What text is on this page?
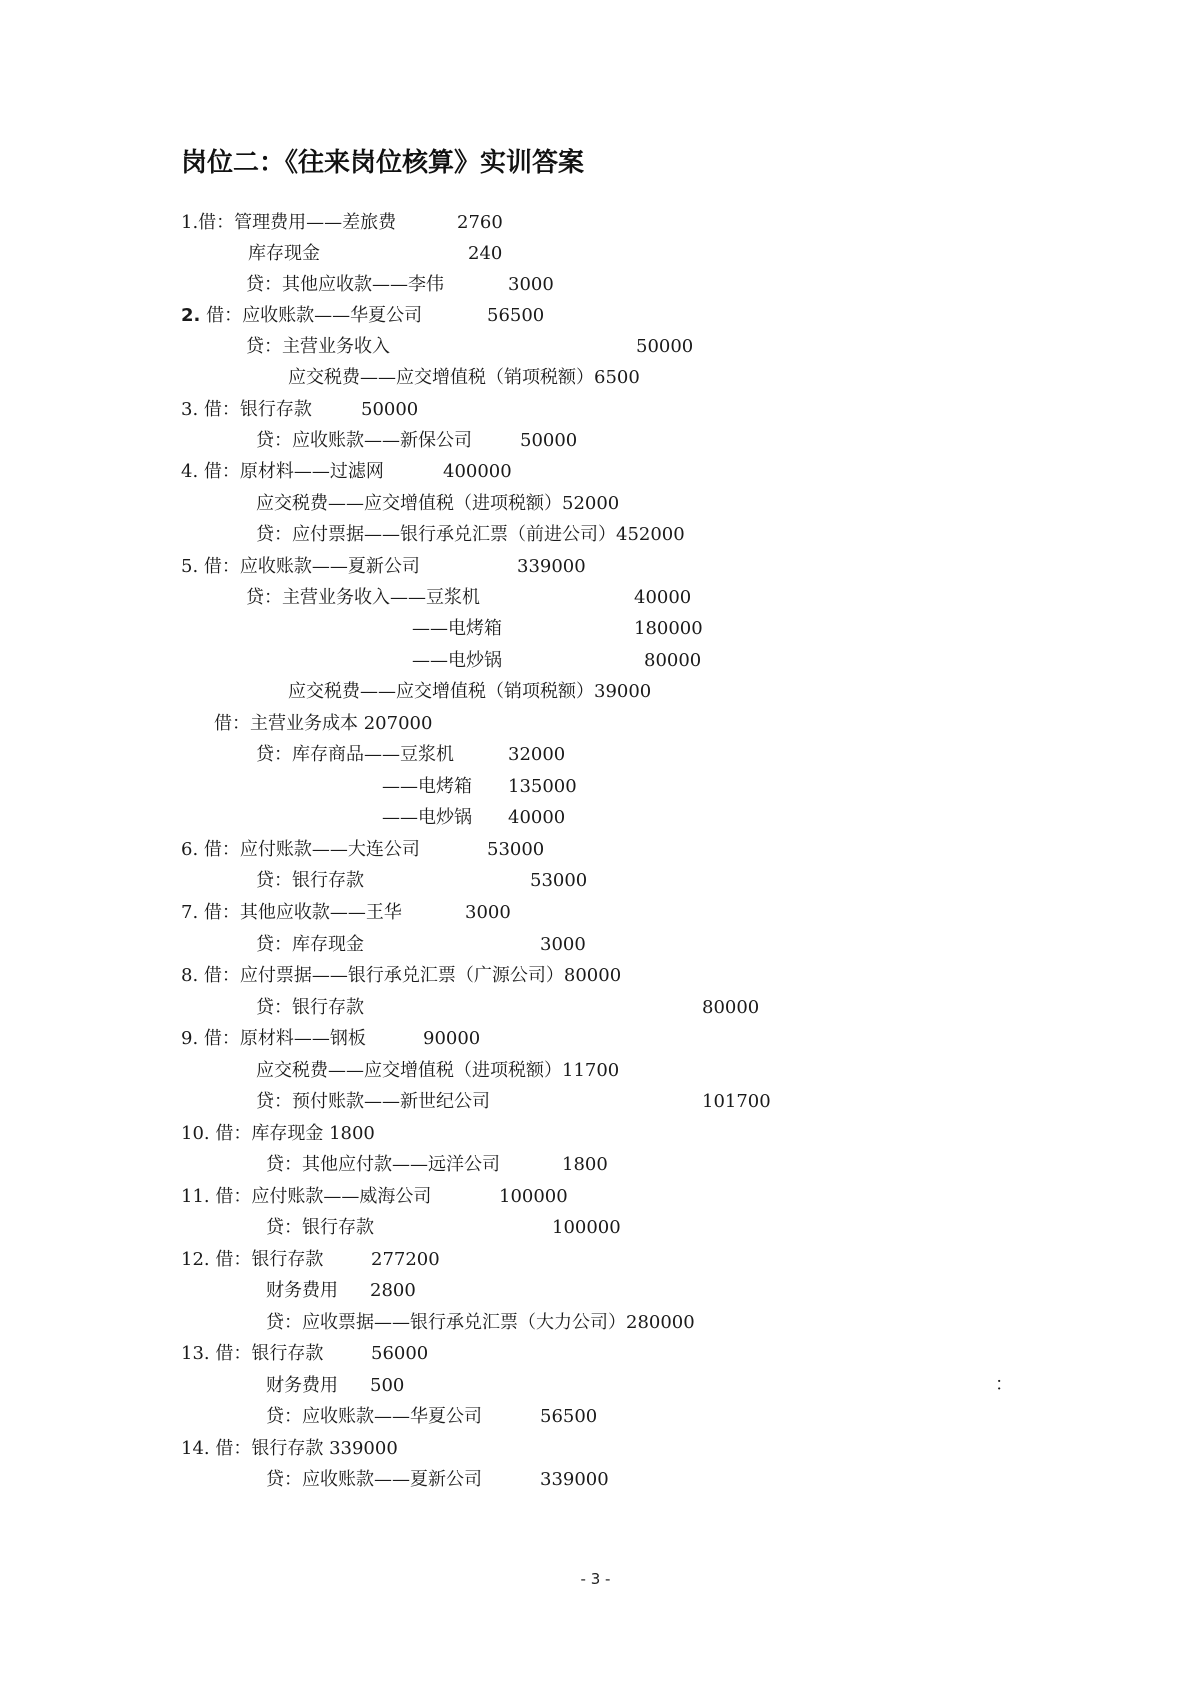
岗位二：《往来岗位核算》实训答案
1.借：管理费用——差旅费	2760
库存现金	240
贷：其他应收款——李伟	3000
2. 借：应收账款——华夏公司	56500
贷：主营业务收入	50000
应交税费——应交增值税（销项税额）6500
3. 借：银行存款	50000
贷：应收账款——新保公司	50000
4. 借：原材料——过滤网	400000
应交税费——应交增值税（进项税额）52000
贷：应付票据——银行承兑汇票（前进公司）452000
5. 借：应收账款——夏新公司	339000
贷：主营业务收入——豆浆机	40000
——电烤箱	180000
——电炒锅	80000
应交税费——应交增值税（销项税额）39000
借：主营业务成本 207000
贷：库存商品——豆浆机	32000
——电烤箱 135000
——电炒锅 40000
6. 借：应付账款——大连公司	53000
贷：银行存款	53000
7. 借：其他应收款——王华	3000
贷：库存现金	3000
8. 借：应付票据——银行承兑汇票（广源公司）80000
贷：银行存款	80000
9. 借：原材料——钢板	90000
应交税费——应交增值税（进项税额）11700
贷：预付账款——新世纪公司	101700
10. 借：库存现金 1800
贷：其他应付款——远洋公司	1800
11. 借：应付账款——威海公司	100000
贷：银行存款	100000
12. 借：银行存款	277200
财务费用 2800
贷：应收票据——银行承兑汇票（大力公司）280000
13. 借：银行存款	56000
财务费用 500
贷：应收账款——华夏公司	56500
14. 借：银行存款 339000
贷：应收账款——夏新公司	339000
：
- 3 -
